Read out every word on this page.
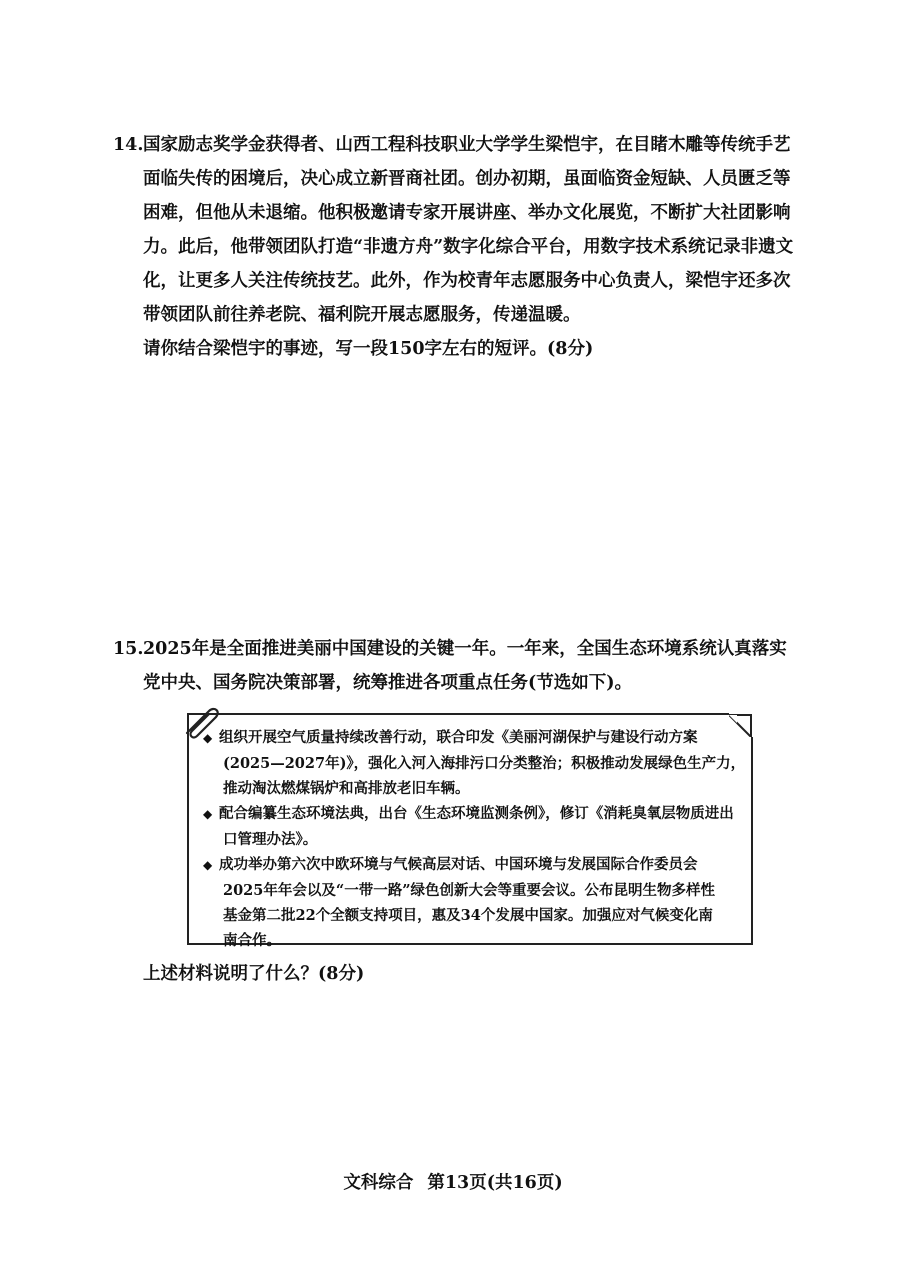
14.国家励志奖学金获得者、山西工程科技职业大学学生梁恺宇，在目睹木雕等传统手艺
面临失传的困境后，决心成立新晋商社团。创办初期，虽面临资金短缺、人员匮乏等
困难，但他从未退缩。他积极邀请专家开展讲座、举办文化展览，不断扩大社团影响
力。此后，他带领团队打造“非遗方舟”数字化综合平台，用数字技术系统记录非遗文
化，让更多人关注传统技艺。此外，作为校青年志愿服务中心负责人，梁恺宇还多次
带领团队前往养老院、福利院开展志愿服务，传递温暖。
请你结合梁恺宇的事迹，写一段150字左右的短评。(8分)
15.2025年是全面推进美丽中国建设的关键一年。一年来，全国生态环境系统认真落实
党中央、国务院决策部署，统筹推进各项重点任务(节选如下)。
◆ 组织开展空气质量持续改善行动，联合印发《美丽河湖保护与建设行动方案
(2025—2027年)》，强化入河入海排污口分类整治；积极推动发展绿色生产力，
推动淘汰燃煤锅炉和高排放老旧车辆。
◆ 配合编纂生态环境法典，出台《生态环境监测条例》，修订《消耗臭氧层物质进出
口管理办法》。
◆ 成功举办第六次中欧环境与气候高层对话、中国环境与发展国际合作委员会
2025年年会以及“一带一路”绿色创新大会等重要会议。公布昆明生物多样性
基金第二批22个全额支持项目，惠及34个发展中国家。加强应对气候变化南
南合作。
上述材料说明了什么？(8分)
文科综合 第13页(共16页)
